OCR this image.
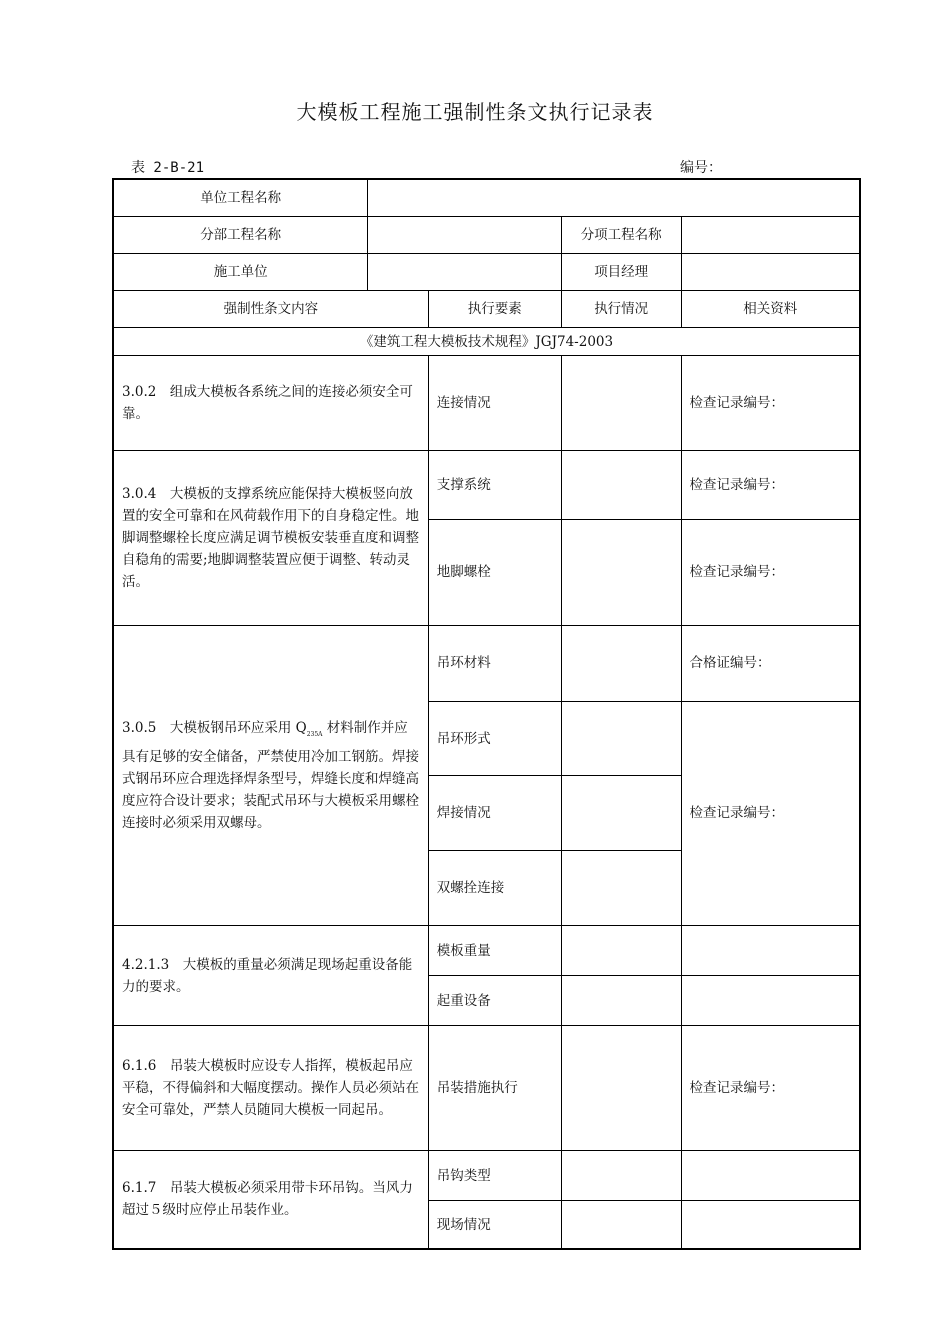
大模板工程施工强制性条文执行记录表
表 2-B-21	编号：
单位工程名称				
分部工程名称			分项工程名称	
施工单位			项目经理	
强制性条文内容		执行要素	执行情况	相关资料
《建筑工程大模板技术规程》JGJ74-2003				
3.0.2　组成大模板各系统之间的连接必须安全可靠。		连接情况		检查记录编号：
3.0.4　大模板的支撑系统应能保持大模板竖向放置的安全可靠和在风荷载作用下的自身稳定性。地脚调整螺栓长度应满足调节模板安装垂直度和调整自稳角的需要;地脚调整装置应便于调整、转动灵活。		支撑系统		检查记录编号：
		地脚螺栓		检查记录编号：
3.0.5　大模板钢吊环应采用 $Q_{235A}$ 材料制作并应具有足够的安全储备，严禁使用冷加工钢筋。焊接式钢吊环应合理选择焊条型号，焊缝长度和焊缝高度应符合设计要求；装配式吊环与大模板采用螺栓连接时必须采用双螺母。		吊环材料		合格证编号：
		吊环形式		检查记录编号：
		焊接情况		
		双螺拴连接		
4.2.1.3　大模板的重量必须满足现场起重设备能力的要求。		模板重量		
		起重设备		
6.1.6　吊装大模板时应设专人指挥，模板起吊应平稳，不得偏斜和大幅度摆动。操作人员必须站在安全可靠处，严禁人员随同大模板一同起吊。		吊装措施执行		检查记录编号：
6.1.7　吊装大模板必须采用带卡环吊钩。当风力超过５级时应停止吊装作业。		吊钩类型		
		现场情况		
